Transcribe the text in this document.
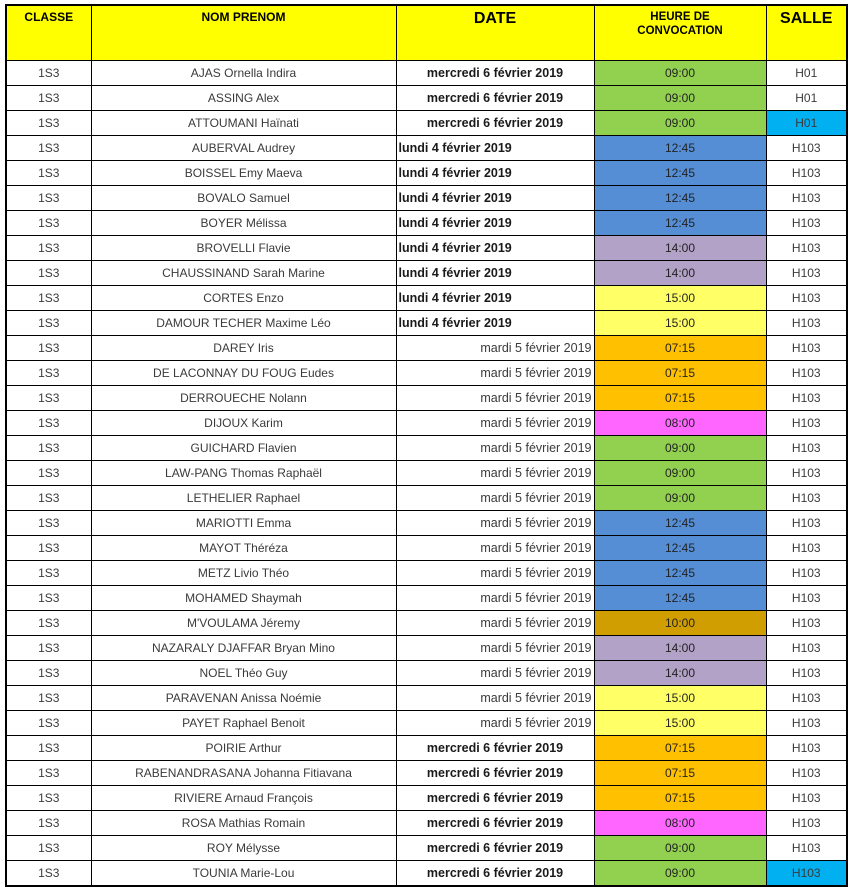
CLASSE	NOM PRENOM	DATE	HEURE DE CONVOCATION	SALLE
1S3	AJAS Ornella Indira	mercredi 6 février 2019	09:00	H01
1S3	ASSING Alex	mercredi 6 février 2019	09:00	H01
1S3	ATTOUMANI Haïnati	mercredi 6 février 2019	09:00	H01
1S3	AUBERVAL Audrey	lundi 4 février 2019	12:45	H103
1S3	BOISSEL Emy Maeva	lundi 4 février 2019	12:45	H103
1S3	BOVALO Samuel	lundi 4 février 2019	12:45	H103
1S3	BOYER Mélissa	lundi 4 février 2019	12:45	H103
1S3	BROVELLI Flavie	lundi 4 février 2019	14:00	H103
1S3	CHAUSSINAND Sarah Marine	lundi 4 février 2019	14:00	H103
1S3	CORTES Enzo	lundi 4 février 2019	15:00	H103
1S3	DAMOUR TECHER Maxime Léo	lundi 4 février 2019	15:00	H103
1S3	DAREY Iris	mardi 5 février 2019	07:15	H103
1S3	DE LACONNAY DU FOUG Eudes	mardi 5 février 2019	07:15	H103
1S3	DERROUECHE Nolann	mardi 5 février 2019	07:15	H103
1S3	DIJOUX Karim	mardi 5 février 2019	08:00	H103
1S3	GUICHARD Flavien	mardi 5 février 2019	09:00	H103
1S3	LAW-PANG Thomas Raphaël	mardi 5 février 2019	09:00	H103
1S3	LETHELIER Raphael	mardi 5 février 2019	09:00	H103
1S3	MARIOTTI Emma	mardi 5 février 2019	12:45	H103
1S3	MAYOT Théréza	mardi 5 février 2019	12:45	H103
1S3	METZ Livio Théo	mardi 5 février 2019	12:45	H103
1S3	MOHAMED Shaymah	mardi 5 février 2019	12:45	H103
1S3	M'VOULAMA Jéremy	mardi 5 février 2019	10:00	H103
1S3	NAZARALY DJAFFAR Bryan Mino	mardi 5 février 2019	14:00	H103
1S3	NOEL Théo Guy	mardi 5 février 2019	14:00	H103
1S3	PARAVENAN Anissa Noémie	mardi 5 février 2019	15:00	H103
1S3	PAYET Raphael Benoit	mardi 5 février 2019	15:00	H103
1S3	POIRIE Arthur	mercredi 6 février 2019	07:15	H103
1S3	RABENANDRASANA Johanna Fitiavana	mercredi 6 février 2019	07:15	H103
1S3	RIVIERE Arnaud François	mercredi 6 février 2019	07:15	H103
1S3	ROSA Mathias Romain	mercredi 6 février 2019	08:00	H103
1S3	ROY Mélysse	mercredi 6 février 2019	09:00	H103
1S3	TOUNIA Marie-Lou	mercredi 6 février 2019	09:00	H103
